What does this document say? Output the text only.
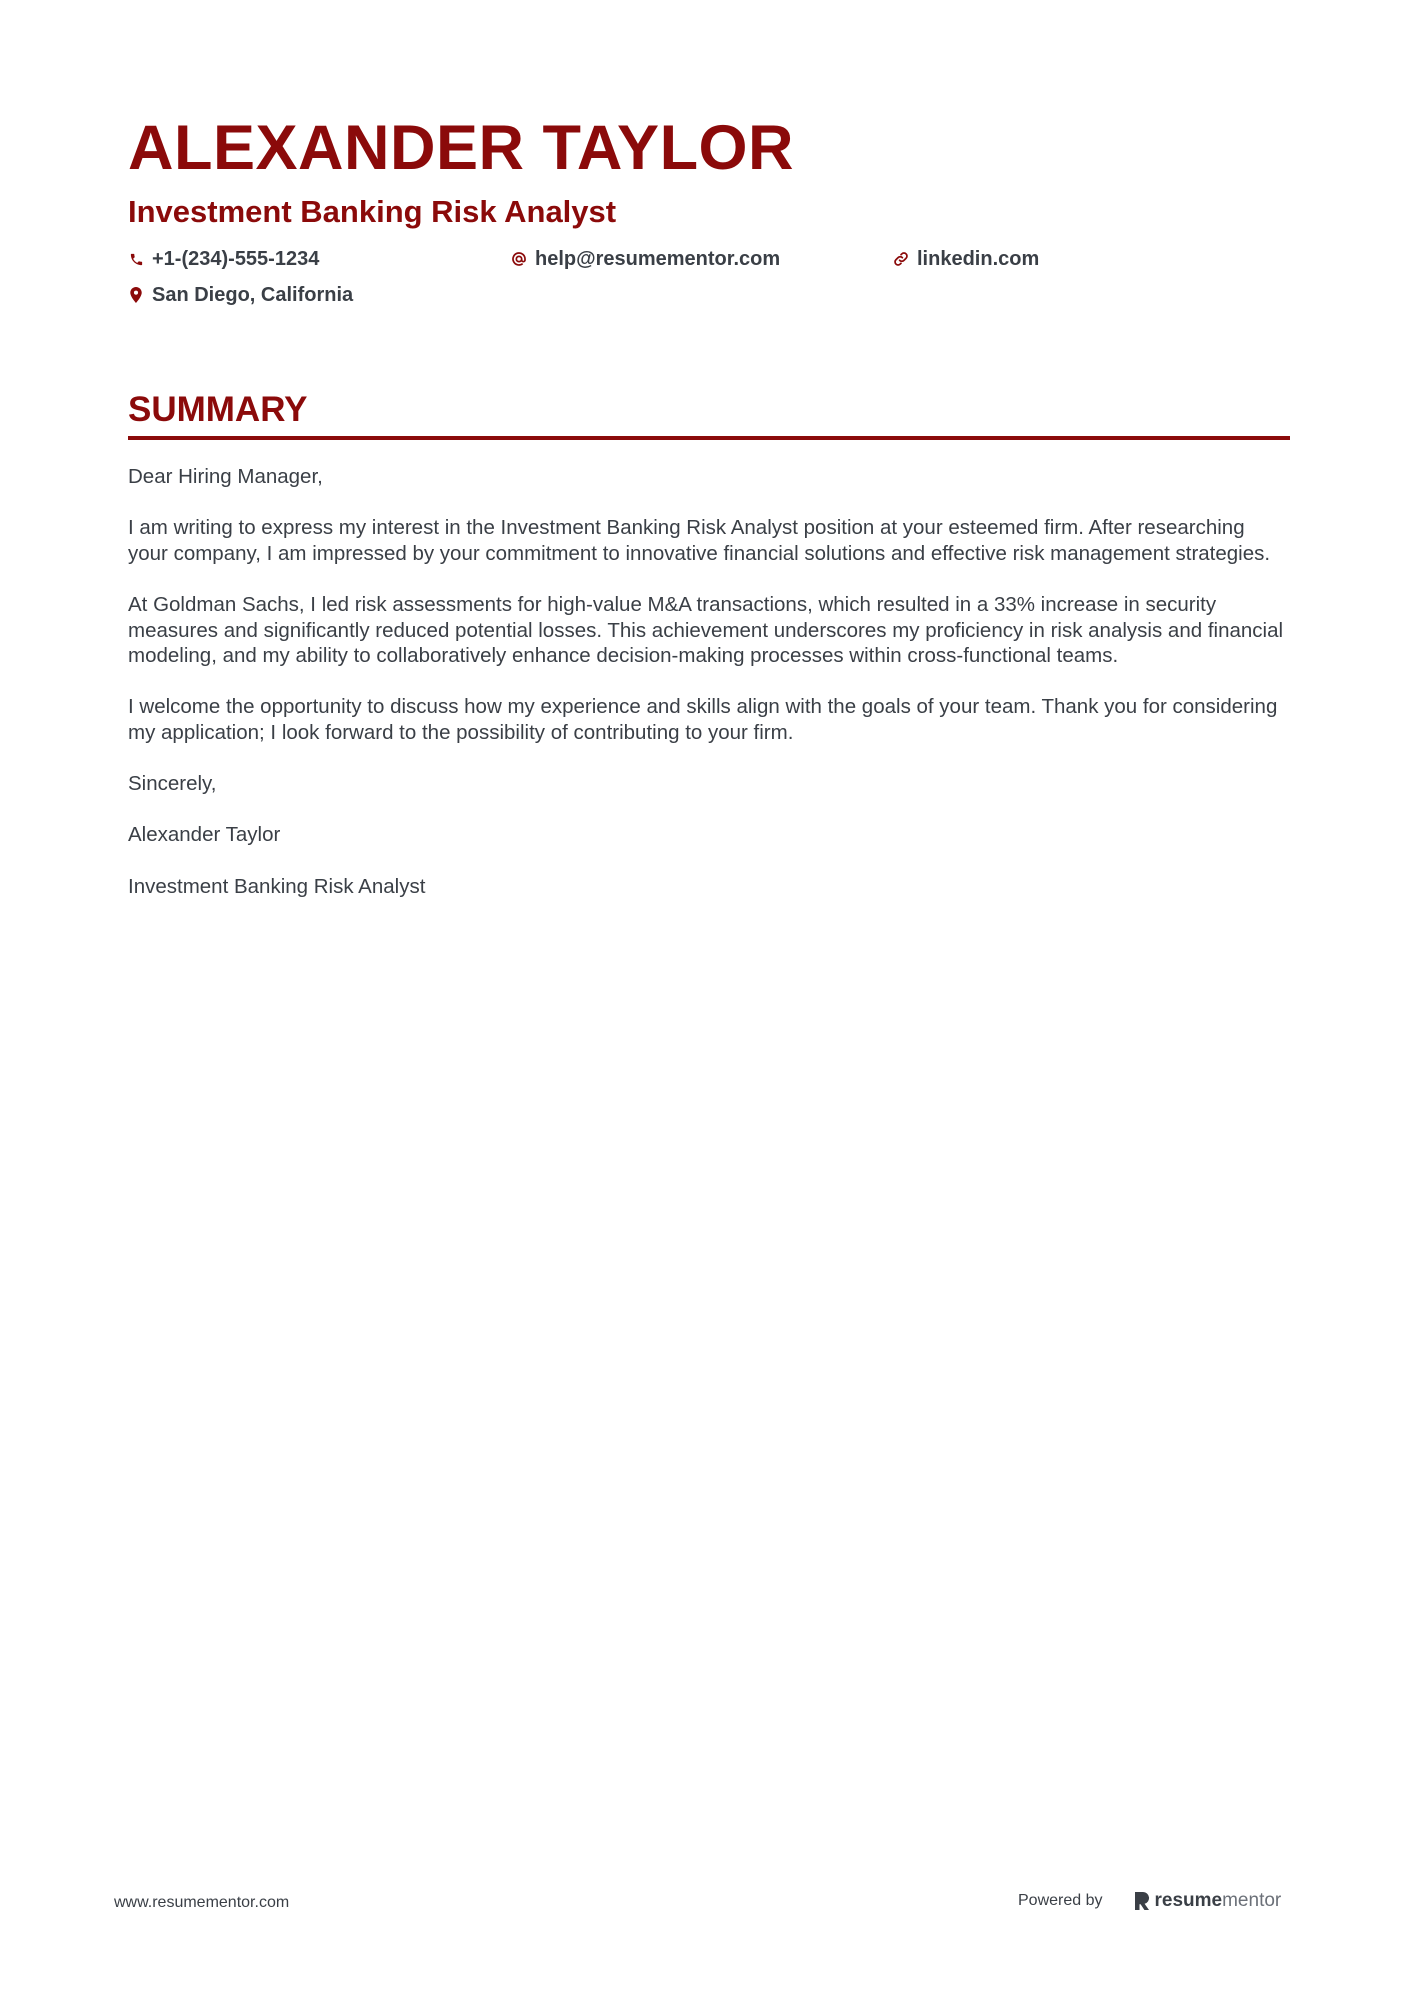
ALEXANDER TAYLOR
Investment Banking Risk Analyst
+1-(234)-555-1234	help@resumementor.com	linkedin.com
San Diego, California
SUMMARY

Dear Hiring Manager,

I am writing to express my interest in the Investment Banking Risk Analyst position at your esteemed firm. After researching your company, I am impressed by your commitment to innovative financial solutions and effective risk management strategies.

At Goldman Sachs, I led risk assessments for high-value M&A transactions, which resulted in a 33% increase in security measures and significantly reduced potential losses. This achievement underscores my proficiency in risk analysis and financial modeling, and my ability to collaboratively enhance decision-making processes within cross-functional teams.

I welcome the opportunity to discuss how my experience and skills align with the goals of your team. Thank you for considering my application; I look forward to the possibility of contributing to your firm.

Sincerely,

Alexander Taylor

Investment Banking Risk Analyst

www.resumementor.com	Powered by	resume mentor
